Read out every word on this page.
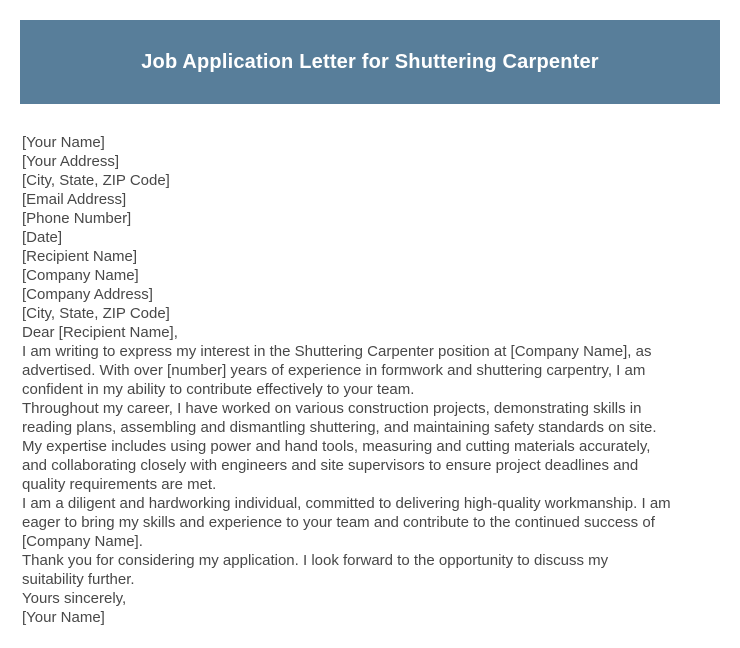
Job Application Letter for Shuttering Carpenter
[Your Name]
[Your Address]
[City, State, ZIP Code]
[Email Address]
[Phone Number]
[Date]
[Recipient Name]
[Company Name]
[Company Address]
[City, State, ZIP Code]
Dear [Recipient Name],
I am writing to express my interest in the Shuttering Carpenter position at [Company Name], as
advertised. With over [number] years of experience in formwork and shuttering carpentry, I am
confident in my ability to contribute effectively to your team.
Throughout my career, I have worked on various construction projects, demonstrating skills in
reading plans, assembling and dismantling shuttering, and maintaining safety standards on site.
My expertise includes using power and hand tools, measuring and cutting materials accurately,
and collaborating closely with engineers and site supervisors to ensure project deadlines and
quality requirements are met.
I am a diligent and hardworking individual, committed to delivering high-quality workmanship. I am
eager to bring my skills and experience to your team and contribute to the continued success of
[Company Name].
Thank you for considering my application. I look forward to the opportunity to discuss my
suitability further.
Yours sincerely,
[Your Name]
